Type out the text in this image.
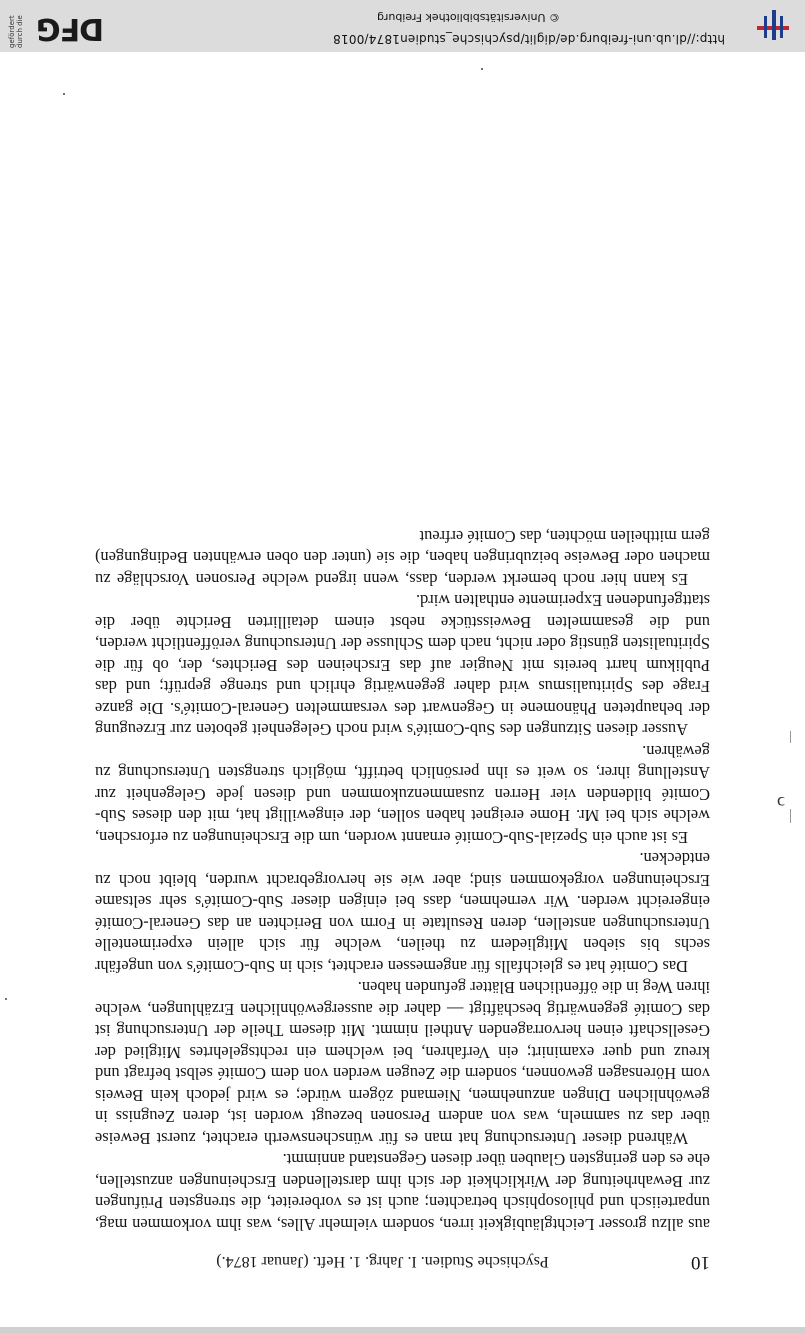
10
Psychische Studien. I. Jahrg. 1. Heft. (Januar 1874.)

aus allzu grosser Leichtgläubigkeit irren, sondern vielmehr Alles, was ihm vorkommen mag, unparteiisch und philosophisch betrachten; auch ist es vorbereitet, die strengsten Prüfungen zur Bewahrheitung der Wirklichkeit der sich ihm darstellenden Erscheinungen anzustellen, ehe es den geringsten Glauben über diesen Gegenstand annimmt.

Während dieser Untersuchung hat man es für wünschenswerth erachtet, zuerst Beweise über das zu sammeln, was von andern Personen bezeugt worden ist, deren Zeugniss in gewöhnlichen Dingen anzunehmen, Niemand zögern würde; es wird jedoch kein Beweis vom Hörensagen gewonnen, sondern die Zeugen werden von dem Comité selbst befragt und kreuz und quer examinirt; ein Verfahren, bei welchem ein rechtsgelehrtes Mitglied der Gesellschaft einen hervorragenden Antheil nimmt. Mit diesem Theile der Untersuchung ist das Comité gegenwärtig beschäftigt — daher die aussergewöhnlichen Erzählungen, welche ihren Weg in die öffentlichen Blätter gefunden haben.

Das Comité hat es gleichfalls für angemessen erachtet, sich in Sub-Comité's von ungefähr sechs bis sieben Mitgliedern zu theilen, welche für sich allein experimentelle Untersuchungen anstellen, deren Resultate in Form von Berichten an das General-Comité eingereicht werden. Wir vernehmen, dass bei einigen dieser Sub-Comité's sehr seltsame Erscheinungen vorgekommen sind; aber wie sie hervorgebracht wurden, bleibt noch zu entdecken.

Es ist auch ein Spezial-Sub-Comité ernannt worden, um die Erscheinungen zu erforschen, welche sich bei Mr. Home ereignet haben sollen, der eingewilligt hat, mit den dieses Sub-Comité bildenden vier Herren zusammenzukommen und diesen jede Gelegenheit zur Anstellung ihrer, so weit es ihn persönlich betrifft, möglich strengsten Untersuchung zu gewähren.

Ausser diesen Sitzungen des Sub-Comité's wird noch Gelegenheit geboten zur Erzeugung der behaupteten Phänomene in Gegenwart des versammelten General-Comité's. Die ganze Frage des Spiritualismus wird daher gegenwärtig ehrlich und strenge geprüft; und das Publikum harrt bereits mit Neugier auf das Erscheinen des Berichtes, der, ob für die Spiritualisten günstig oder nicht, nach dem Schlusse der Untersuchung veröffentlicht werden, und die gesammelten Beweisstücke nebst einem detaillirten Berichte über die stattgefundenen Experimente enthalten wird.

Es kann hier noch bemerkt werden, dass, wenn irgend welche Personen Vorschläge zu machen oder Beweise beizubringen haben, die sie (unter den oben erwähnten Bedingungen) gern mittheilen möchten, das Comité erfreut

ↄ
http://dl.ub.uni-freiburg.de/diglit/psychische_studien1874/0018
© Universitätsbibliothek Freiburg
DFG
gefördert durch die
